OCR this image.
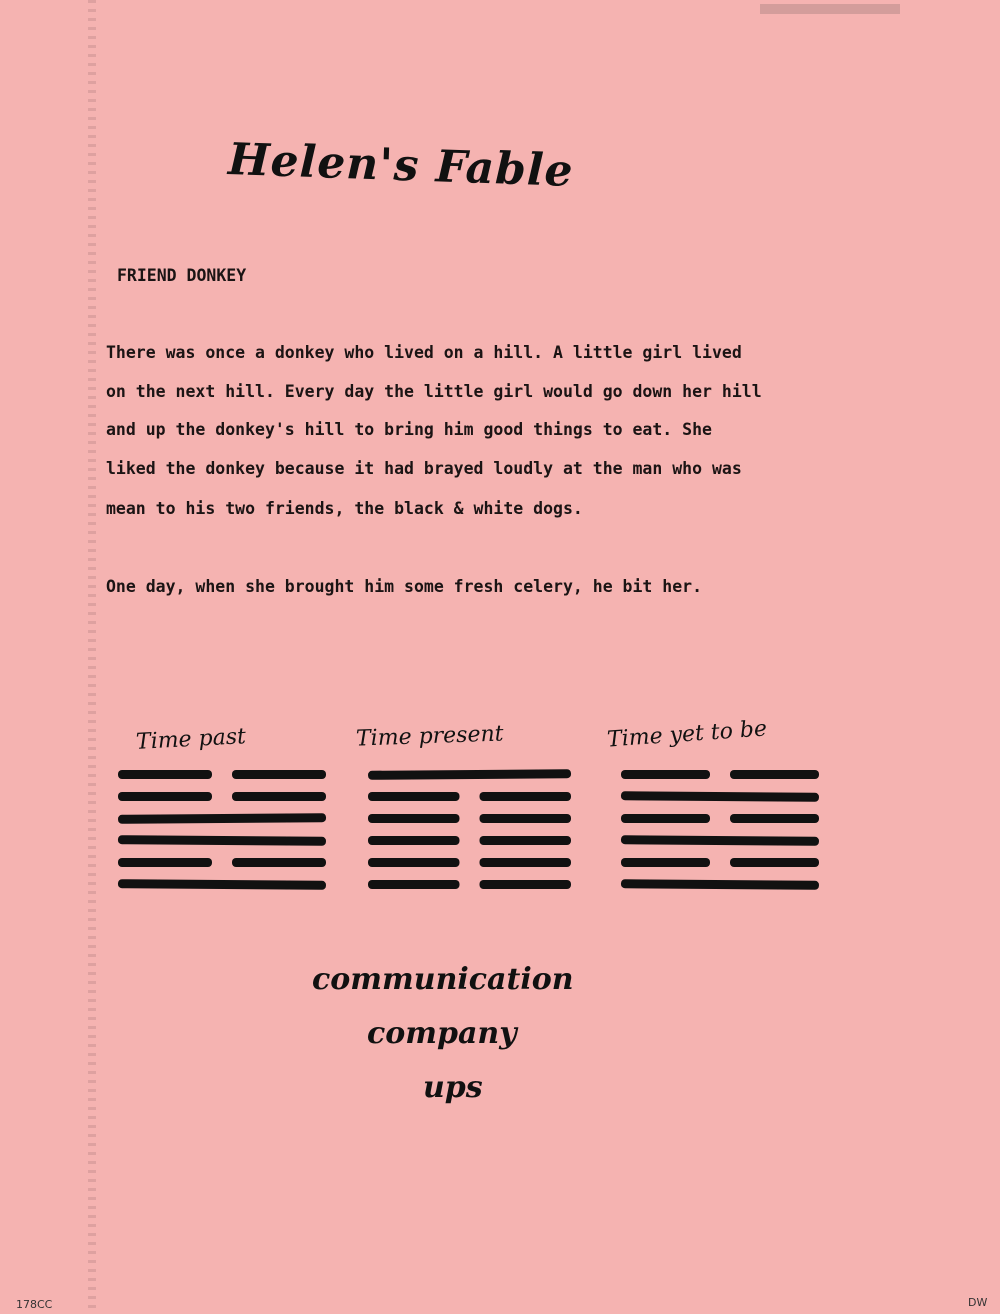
Helen's Fable
FRIEND DONKEY
There was once a donkey who lived on a hill. A little girl lived
on the next hill. Every day the little girl would go down her hill
and up the donkey's hill to bring him good things to eat. She
liked the donkey because it had brayed loudly at the man who was
mean to his two friends, the black & white dogs.
One day, when she brought him some fresh celery, he bit her.
Time past	Time present	Time yet to be
communication
company
ups
178CC	DW
